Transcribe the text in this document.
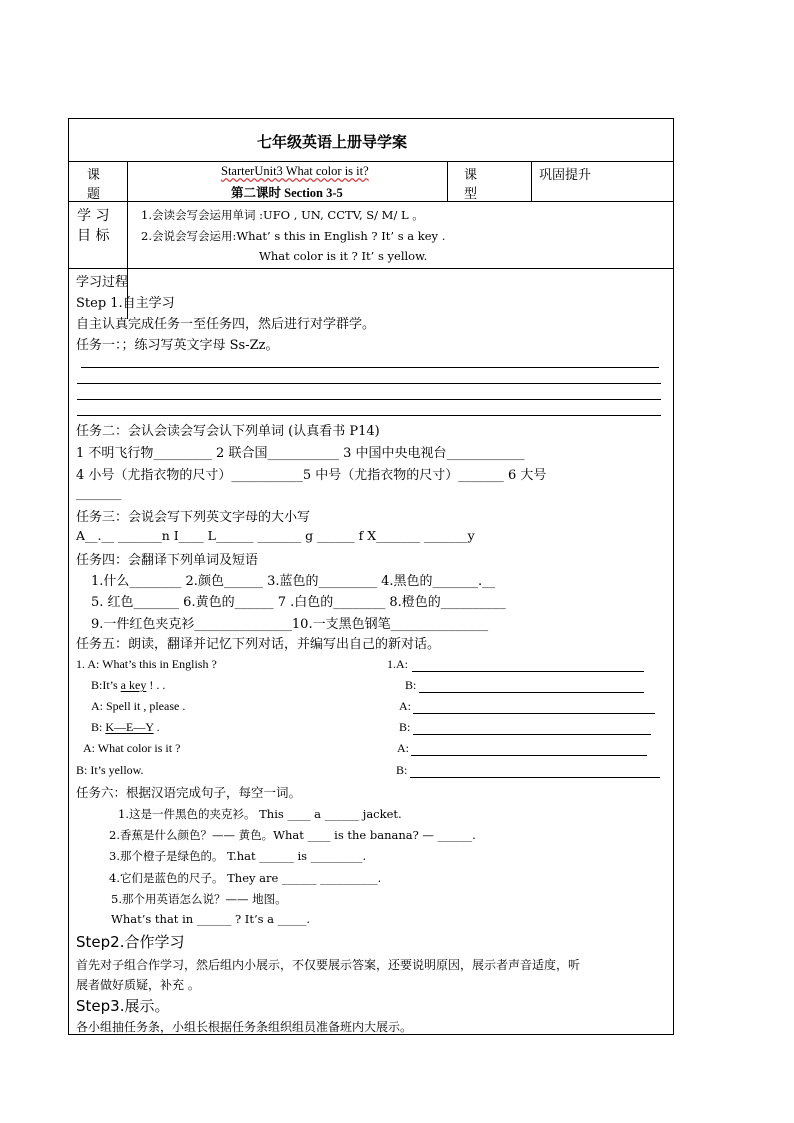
七年级英语上册导学案
课
题
StarterUnit3 What color is it?
第二课时 Section 3-5
课
型
巩固提升
学 习
目 标
1.会读会写会运用单词 :UFO , UN, CCTV, S/ M/ L 。
2.会说会写会运用:What’ s this in English ? It’ s a key .
What color is it ? It’ s yellow.
学习过程
Step 1.自主学习
自主认真完成任务一至任务四，然后进行对学群学。
任务一：；练习写英文字母 Ss-Zz。
任务二：会认会读会写会认下列单词 (认真看书 P14)
1 不明飞行物_________ 2 联合国___________ 3 中国中央电视台____________
4 小号（尤指衣物的尺寸）___________5 中号（尤指衣物的尺寸）_______ 6 大号
_______
任务三：会说会写下列英文字母的大小写
A__.__ _______n I____ L______ _______ g ______ f X_______ _______y
任务四：会翻译下列单词及短语
1.什么________ 2.颜色______ 3.蓝色的_________ 4.黑色的_______.__
5. 红色_______ 6.黄色的______ 7 .白色的________ 8.橙色的__________
9.一件红色夹克衫_______________10.一支黑色钢笔_______________
任务五：朗读，翻译并记忆下列对话，并编写出自己的新对话。
1. A: What’s this in English ?
B:It’s a key ! . .
A: Spell it , please .
B: K—E—Y .
A: What color is it ?
B: It’s yellow.
1.A:
B:
A:
B:
A:
B:
任务六：根据汉语完成句子，每空一词。
1.这是一件黑色的夹克衫。 This ____ a ______ jacket.
2.香蕉是什么颜色？—— 黄色。What ____ is the banana? — ______.
3.那个橙子是绿色的。 T.hat ______ is _________.
4.它们是蓝色的尺子。 They are ______ __________.
5.那个用英语怎么说？—— 地图。
What’s that in ______ ? It’s a _____.
Step2.合作学习
首先对子组合作学习，然后组内小展示，不仅要展示答案，还要说明原因，展示者声音适度，听
展者做好质疑，补充 。
Step3.展示。
各小组抽任务条，小组长根据任务条组织组员准备班内大展示。
